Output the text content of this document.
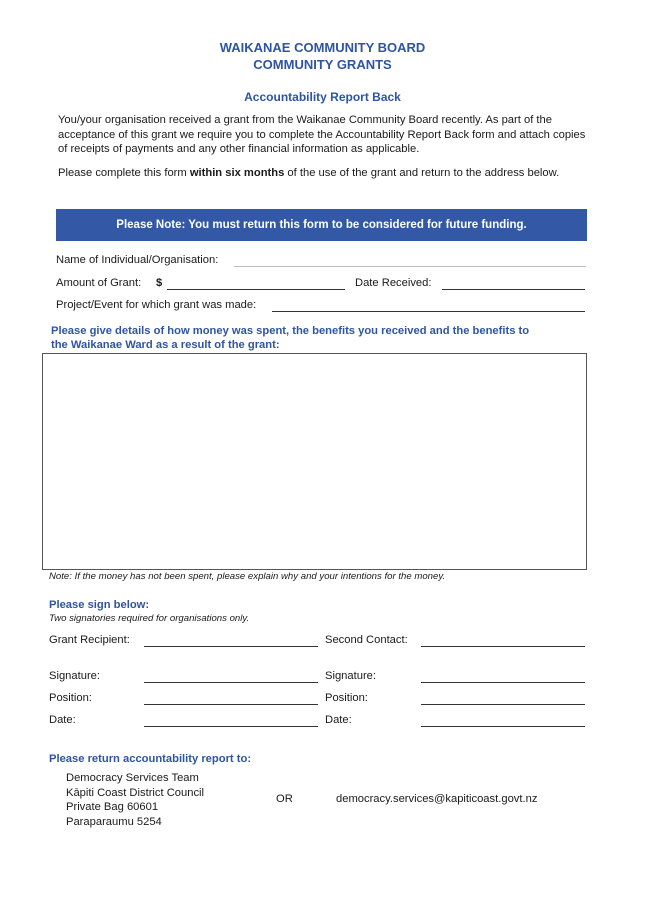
WAIKANAE COMMUNITY BOARD
COMMUNITY GRANTS
Accountability Report Back
You/your organisation received a grant from the Waikanae Community Board recently. As part of the acceptance of this grant we require you to complete the Accountability Report Back form and attach copies of receipts of payments and any other financial information as applicable.
Please complete this form within six months of the use of the grant and return to the address below.
Please Note: You must return this form to be considered for future funding.
Name of Individual/Organisation:
Amount of Grant: $	Date Received:
Project/Event for which grant was made:
Please give details of how money was spent, the benefits you received and the benefits to
the Waikanae Ward as a result of the grant:
Note: If the money has not been spent, please explain why and your intentions for the money.
Please sign below:
Two signatories required for organisations only.
Grant Recipient:	Second Contact:
Signature:	Signature:
Position:	Position:
Date:	Date:
Please return accountability report to:
Democracy Services Team
Kāpiti Coast District Council
Private Bag 60601
Paraparaumu 5254
OR	democracy.services@kapiticoast.govt.nz
